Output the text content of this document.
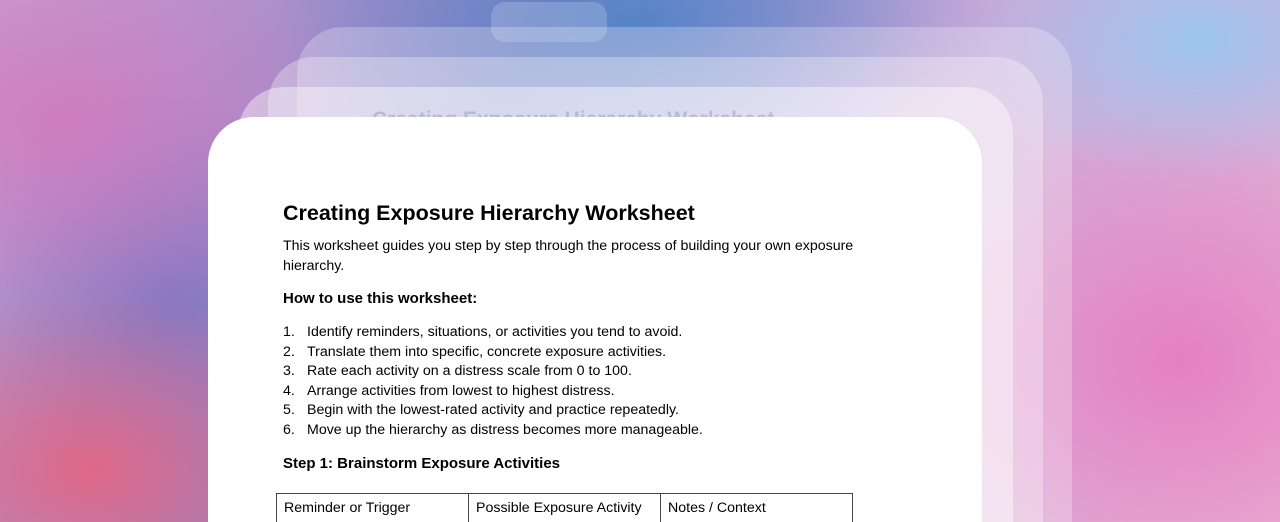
Creating Exposure Hierarchy Worksheet

This worksheet guides you step by step through the process of building your own exposure hierarchy.

How to use this worksheet:
1. Identify reminders, situations, or activities you tend to avoid.
2. Translate them into specific, concrete exposure activities.
3. Rate each activity on a distress scale from 0 to 100.
4. Arrange activities from lowest to highest distress.
5. Begin with the lowest-rated activity and practice repeatedly.
6. Move up the hierarchy as distress becomes more manageable.
Step 1: Brainstorm Exposure Activities
Reminder or Trigger	Possible Exposure Activity	Notes / Context
